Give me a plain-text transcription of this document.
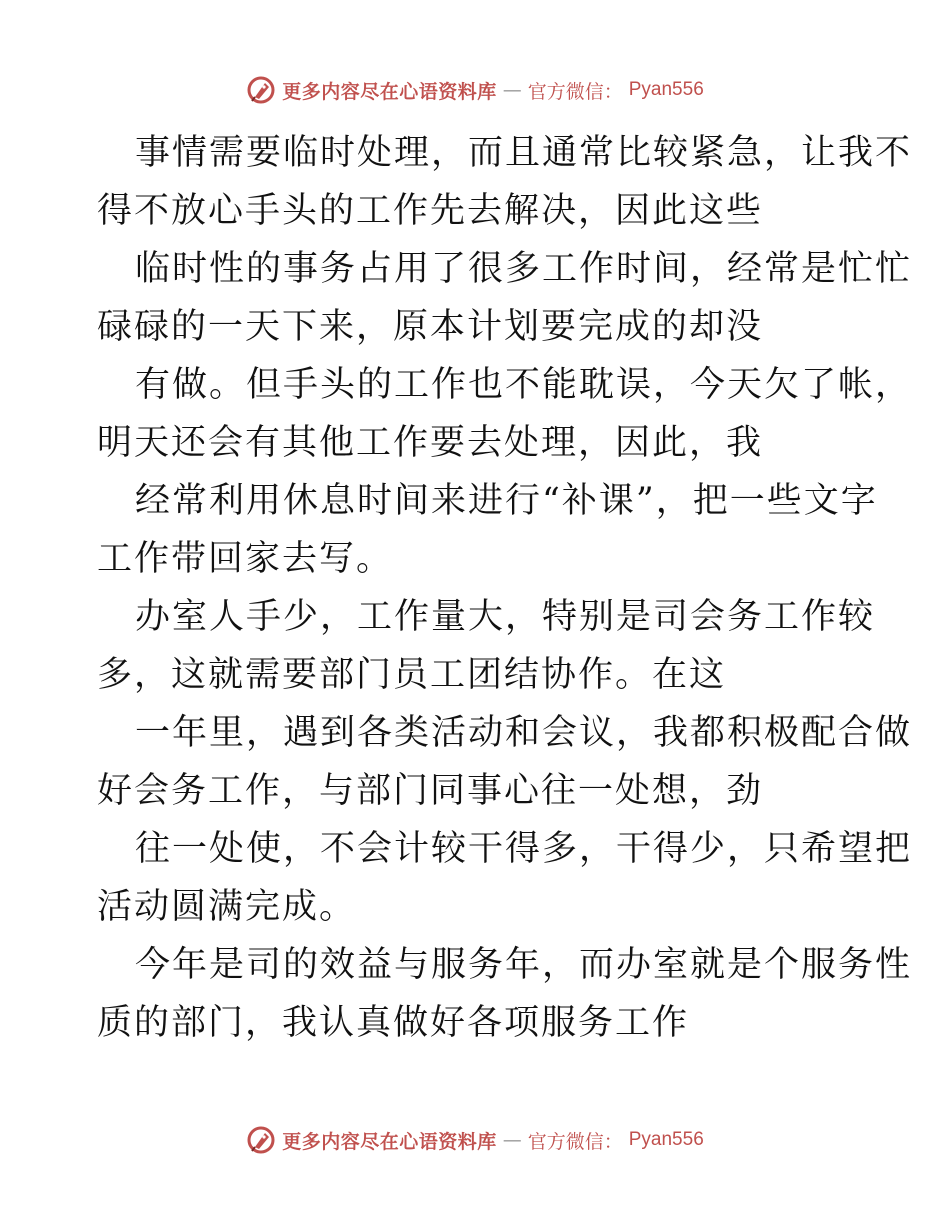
更多内容尽在心语资料库 — 官方微信： Pyan556
事情需要临时处理，而且通常比较紧急，让我不
得不放心手头的工作先去解决，因此这些
临时性的事务占用了很多工作时间，经常是忙忙
碌碌的一天下来，原本计划要完成的却没
有做。但手头的工作也不能耽误，今天欠了帐，
明天还会有其他工作要去处理，因此，我
经常利用休息时间来进行“补课”，把一些文字
工作带回家去写。
办室人手少，工作量大，特别是司会务工作较
多，这就需要部门员工团结协作。在这
一年里，遇到各类活动和会议，我都积极配合做
好会务工作，与部门同事心往一处想，劲
往一处使，不会计较干得多，干得少，只希望把
活动圆满完成。
今年是司的效益与服务年，而办室就是个服务性
质的部门，我认真做好各项服务工作
更多内容尽在心语资料库 — 官方微信： Pyan556
